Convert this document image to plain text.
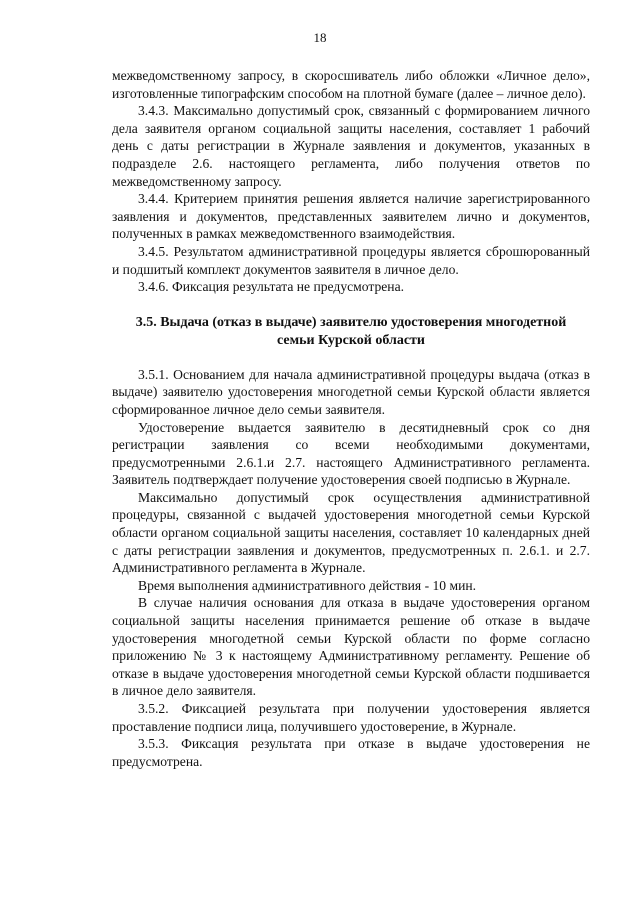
18

межведомственному запросу, в скоросшиватель либо обложки «Личное дело», изготовленные типографским способом на плотной бумаге (далее – личное дело).

3.4.3. Максимально допустимый срок, связанный с формированием личного дела заявителя органом социальной защиты населения, составляет 1 рабочий день с даты регистрации в Журнале заявления и документов, указанных в подразделе 2.6. настоящего регламента, либо получения ответов по межведомственному запросу.

3.4.4. Критерием принятия решения является наличие зарегистрированного заявления и документов, представленных заявителем лично и документов, полученных в рамках межведомственного взаимодействия.

3.4.5. Результатом административной процедуры является сброшюрованный и подшитый комплект документов заявителя в личное дело.

3.4.6. Фиксация результата не предусмотрена.

3.5. Выдача (отказ в выдаче) заявителю удостоверения многодетной семьи Курской области

3.5.1. Основанием для начала административной процедуры выдача (отказ в выдаче) заявителю удостоверения многодетной семьи Курской области является сформированное личное дело семьи заявителя.

Удостоверение выдается заявителю в десятидневный срок со дня регистрации заявления со всеми необходимыми документами, предусмотренными 2.6.1.и 2.7. настоящего Административного регламента. Заявитель подтверждает получение удостоверения своей подписью в Журнале.

Максимально допустимый срок осуществления административной процедуры, связанной с выдачей удостоверения многодетной семьи Курской области органом социальной защиты населения, составляет 10 календарных дней с даты регистрации заявления и документов, предусмотренных п. 2.6.1. и 2.7. Административного регламента в Журнале.

Время выполнения административного действия - 10 мин.

В случае наличия основания для отказа в выдаче удостоверения органом социальной защиты населения принимается решение об отказе в выдаче удостоверения многодетной семьи Курской области по форме согласно приложению № 3 к настоящему Административному регламенту. Решение об отказе в выдаче удостоверения многодетной семьи Курской области подшивается в личное дело заявителя.

3.5.2. Фиксацией результата при получении удостоверения является проставление подписи лица, получившего удостоверение, в Журнале.

3.5.3. Фиксация результата при отказе в выдаче удостоверения не предусмотрена.
